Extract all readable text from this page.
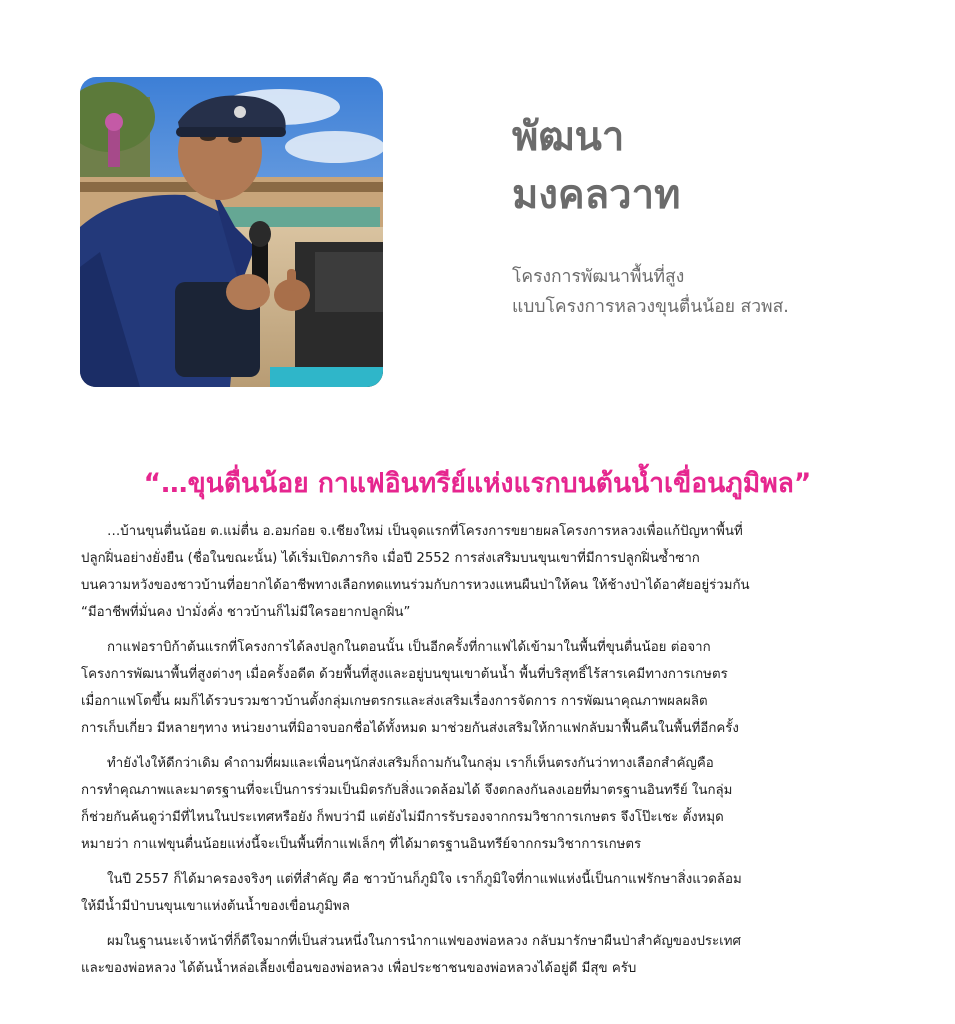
พัฒนา
มงคลวาท
โครงการพัฒนาพื้นที่สูง
แบบโครงการหลวงขุนตื่นน้อย สวพส.
“…ขุนตื่นน้อย กาแฟอินทรีย์แห่งแรกบนต้นน้ำเขื่อนภูมิพล”

…บ้านขุนตื่นน้อย ต.แม่ตื่น อ.อมก๋อย จ.เชียงใหม่ เป็นจุดแรกที่โครงการขยายผลโครงการหลวงเพื่อแก้ปัญหาพื้นที่
ปลูกฝิ่นอย่างยั่งยืน (ชื่อในขณะนั้น) ได้เริ่มเปิดภารกิจ เมื่อปี 2552 การส่งเสริมบนขุนเขาที่มีการปลูกฝิ่นซ้ำซาก
บนความหวังของชาวบ้านที่อยากได้อาชีพทางเลือกทดแทนร่วมกับการหวงแหนผืนป่าให้คน ให้ช้างป่าได้อาศัยอยู่ร่วมกัน
“มีอาชีพที่มั่นคง ป่ามั่งคั่ง ชาวบ้านก็ไม่มีใครอยากปลูกฝิ่น”

กาแฟอราบิก้าต้นแรกที่โครงการได้ลงปลูกในตอนนั้น เป็นอีกครั้งที่กาแฟได้เข้ามาในพื้นที่ขุนตื่นน้อย ต่อจาก
โครงการพัฒนาพื้นที่สูงต่างๆ เมื่อครั้งอดีต ด้วยพื้นที่สูงและอยู่บนขุนเขาต้นน้ำ พื้นที่บริสุทธิ์ไร้สารเคมีทางการเกษตร
เมื่อกาแฟโตขึ้น ผมก็ได้รวบรวมชาวบ้านตั้งกลุ่มเกษตรกรและส่งเสริมเรื่องการจัดการ การพัฒนาคุณภาพผลผลิต
การเก็บเกี่ยว มีหลายๆทาง หน่วยงานที่มิอาจบอกชื่อได้ทั้งหมด มาช่วยกันส่งเสริมให้กาแฟกลับมาฟื้นคืนในพื้นที่อีกครั้ง

ทำยังไงให้ดีกว่าเดิม คำถามที่ผมและเพื่อนๆนักส่งเสริมก็ถามกันในกลุ่ม เราก็เห็นตรงกันว่าทางเลือกสำคัญคือ
การทำคุณภาพและมาตรฐานที่จะเป็นการร่วมเป็นมิตรกับสิ่งแวดล้อมได้ จึงตกลงกันลงเอยที่มาตรฐานอินทรีย์ ในกลุ่ม
ก็ช่วยกันค้นดูว่ามีที่ไหนในประเทศหรือยัง ก็พบว่ามี แต่ยังไม่มีการรับรองจากกรมวิชาการเกษตร จึงโป๊ะเชะ ตั้งหมุด
หมายว่า กาแฟขุนตื่นน้อยแห่งนี้จะเป็นพื้นที่กาแฟเล็กๆ ที่ได้มาตรฐานอินทรีย์จากกรมวิชาการเกษตร

ในปี 2557 ก็ได้มาครองจริงๆ แต่ที่สำคัญ คือ ชาวบ้านก็ภูมิใจ เราก็ภูมิใจที่กาแฟแห่งนี้เป็นกาแฟรักษาสิ่งแวดล้อม
ให้มีน้ำมีป่าบนขุนเขาแห่งต้นน้ำของเขื่อนภูมิพล

ผมในฐานนะเจ้าหน้าที่ก็ดีใจมากที่เป็นส่วนหนึ่งในการนำกาแฟของพ่อหลวง กลับมารักษาผืนป่าสำคัญของประเทศ
และของพ่อหลวง ได้ต้นน้ำหล่อเลี้ยงเขื่อนของพ่อหลวง เพื่อประชาชนของพ่อหลวงได้อยู่ดี มีสุข ครับ
